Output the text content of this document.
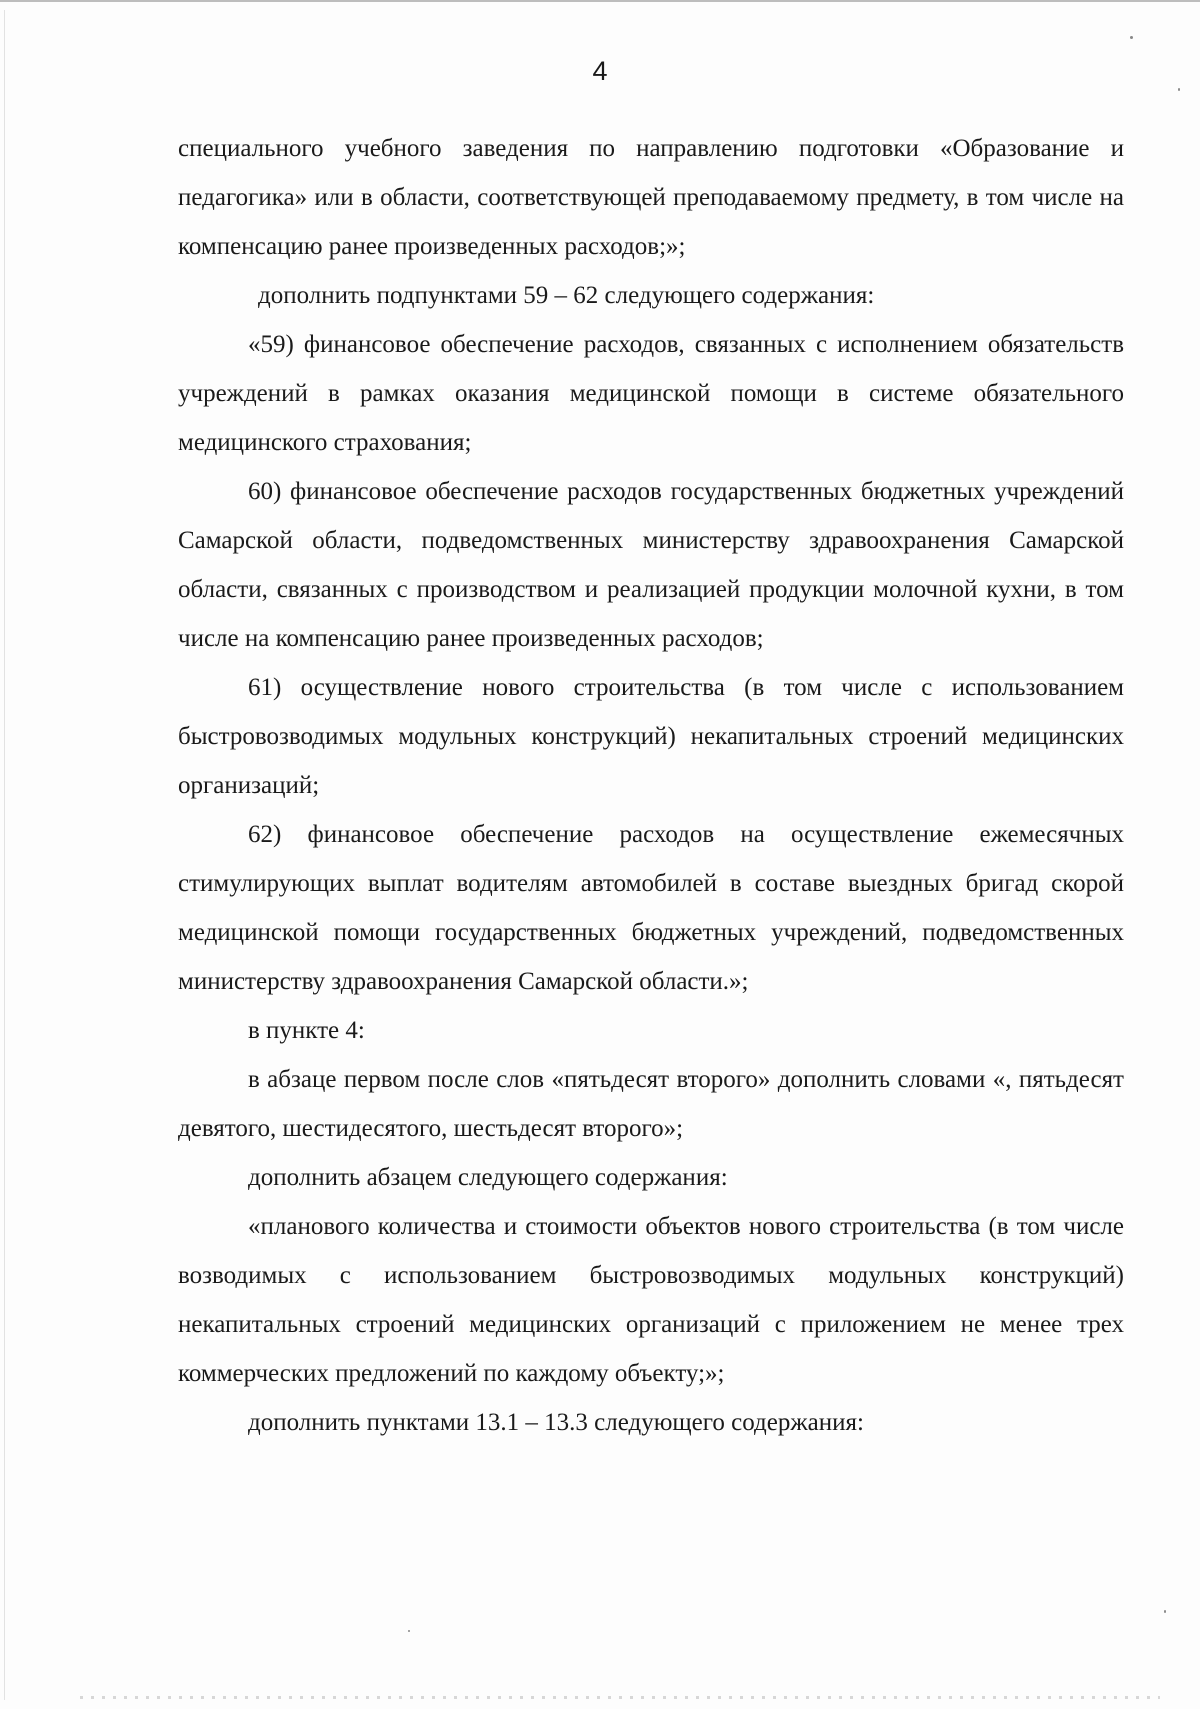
4

специального учебного заведения по направлению подготовки «Образование и педагогика» или в области, соответствующей преподаваемому предмету, в том числе на компенсацию ранее произведенных расходов;»;

дополнить подпунктами 59 – 62 следующего содержания:

«59) финансовое обеспечение расходов, связанных с исполнением обязательств учреждений в рамках оказания медицинской помощи в системе обязательного медицинского страхования;

60) финансовое обеспечение расходов государственных бюджетных учреждений Самарской области, подведомственных министерству здравоохранения Самарской области, связанных с производством и реализацией продукции молочной кухни, в том числе на компенсацию ранее произведенных расходов;

61) осуществление нового строительства (в том числе с использованием быстровозводимых модульных конструкций) некапитальных строений медицинских организаций;

62) финансовое обеспечение расходов на осуществление ежемесячных стимулирующих выплат водителям автомобилей в составе выездных бригад скорой медицинской помощи государственных бюджетных учреждений, подведомственных министерству здравоохранения Самарской области.»;

в пункте 4:

в абзаце первом после слов «пятьдесят второго» дополнить словами «, пятьдесят девятого, шестидесятого, шестьдесят второго»;

дополнить абзацем следующего содержания:

«планового количества и стоимости объектов нового строительства (в том числе возводимых с использованием быстровозводимых модульных конструкций) некапитальных строений медицинских организаций с приложением не менее трех коммерческих предложений по каждому объекту;»;

дополнить пунктами 13.1 – 13.3 следующего содержания:
